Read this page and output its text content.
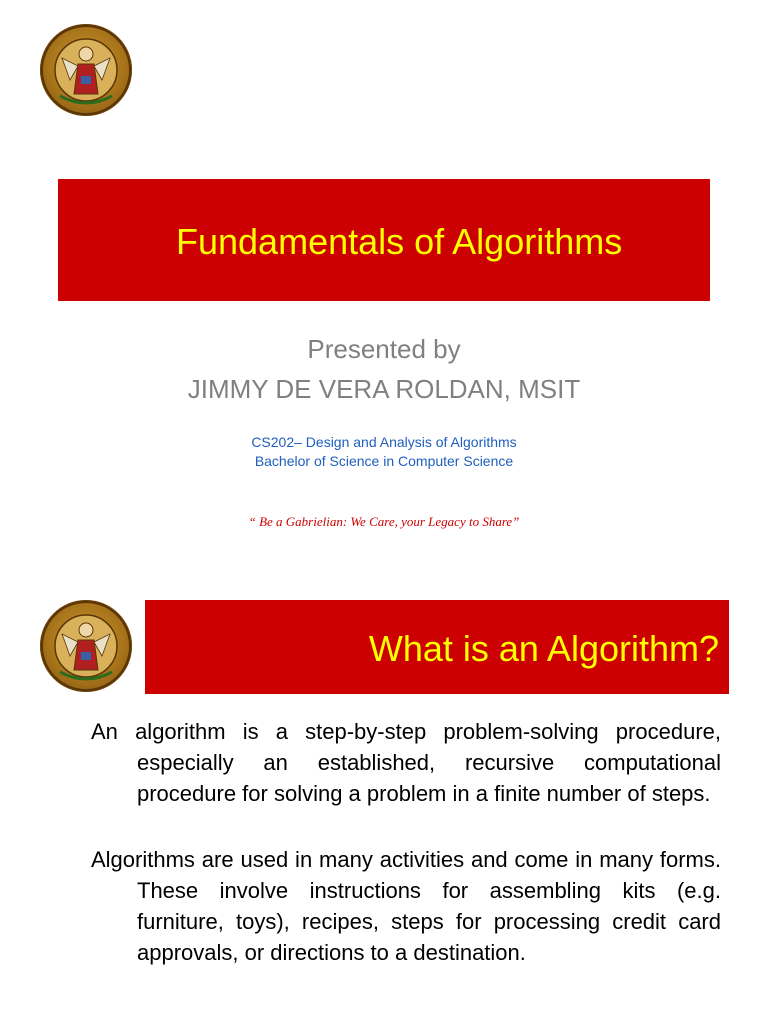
Fundamentals of Algorithms
Presented by
JIMMY DE VERA ROLDAN, MSIT
CS202– Design and Analysis of Algorithms
Bachelor of Science in Computer Science
“ Be a Gabrielian: We Care, your Legacy to Share”
What is an Algorithm?
An algorithm is a step-by-step problem-solving procedure, especially an established, recursive computational procedure for solving a problem in a finite number of steps.
Algorithms are used in many activities and come in many forms. These involve instructions for assembling kits (e.g. furniture, toys), recipes, steps for processing credit card approvals, or directions to a destination.
